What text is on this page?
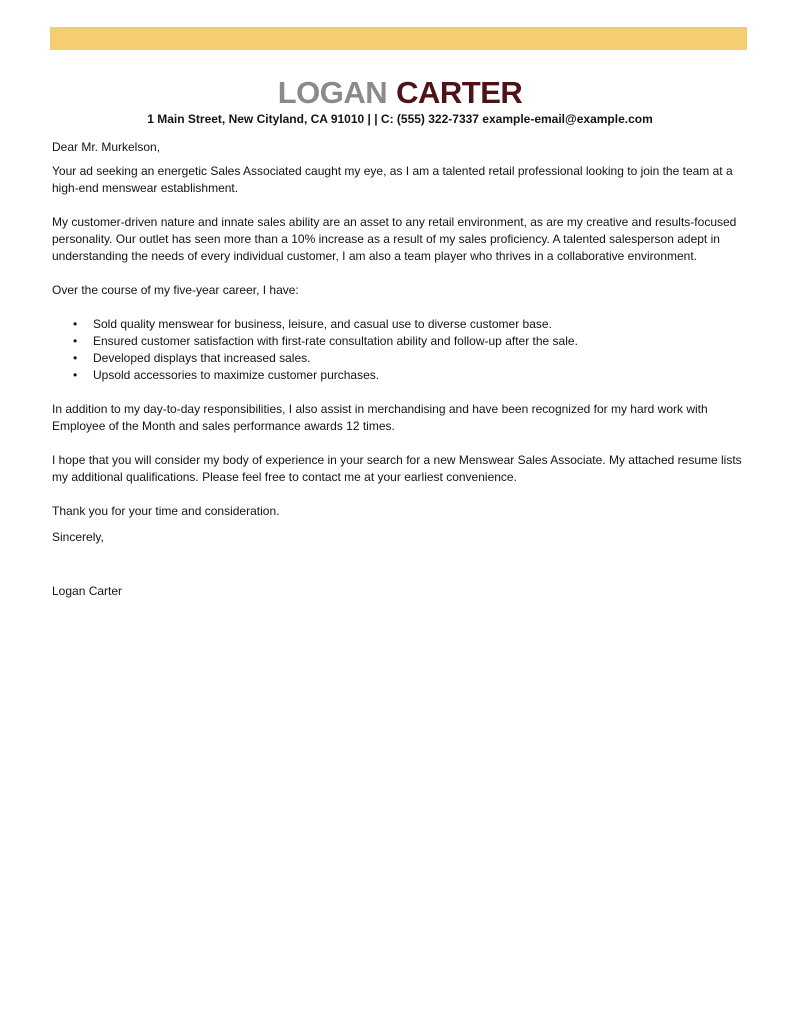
LOGAN CARTER

1 Main Street, New Cityland, CA 91010 | | C: (555) 322-7337 example-email@example.com

Dear Mr. Murkelson,

Your ad seeking an energetic Sales Associated caught my eye, as I am a talented retail professional looking to join the team at a high-end menswear establishment.

My customer-driven nature and innate sales ability are an asset to any retail environment, as are my creative and results-focused personality. Our outlet has seen more than a 10% increase as a result of my sales proficiency. A talented salesperson adept in understanding the needs of every individual customer, I am also a team player who thrives in a collaborative environment.

Over the course of my five-year career, I have:

• Sold quality menswear for business, leisure, and casual use to diverse customer base.
• Ensured customer satisfaction with first-rate consultation ability and follow-up after the sale.
• Developed displays that increased sales.
• Upsold accessories to maximize customer purchases.

In addition to my day-to-day responsibilities, I also assist in merchandising and have been recognized for my hard work with Employee of the Month and sales performance awards 12 times.

I hope that you will consider my body of experience in your search for a new Menswear Sales Associate. My attached resume lists my additional qualifications. Please feel free to contact me at your earliest convenience.

Thank you for your time and consideration.

Sincerely,

Logan Carter
